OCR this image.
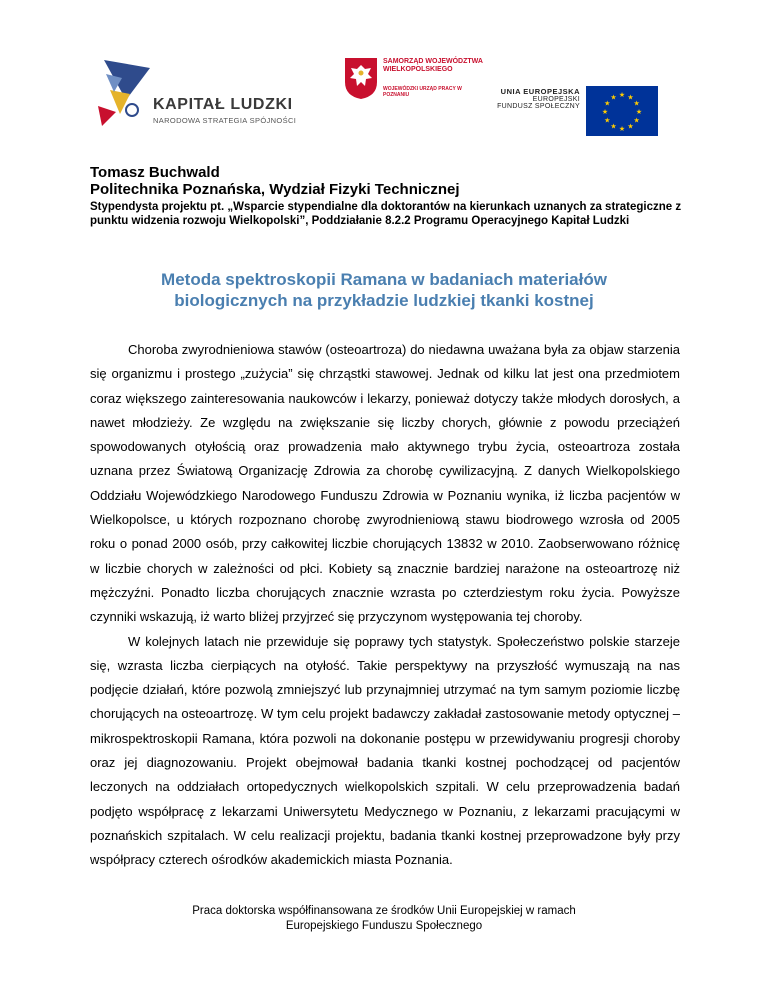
KAPITAŁ LUDZKI
NARODOWA STRATEGIA SPÓJNOŚCI
SAMORZĄD WOJEWÓDZTWA WIELKOPOLSKIEGO
WOJEWÓDZKI URZĄD PRACY W POZNANIU	UNIA EUROPEJSKA
EUROPEJSKI
FUNDUSZ SPOŁECZNY
★ ★
★
★
★
★
★
★
★
★
★
★
Tomasz Buchwald
Politechnika Poznańska, Wydział Fizyki Technicznej
Stypendysta projektu pt. „Wsparcie stypendialne dla doktorantów na kierunkach uznanych za strategiczne z punktu widzenia rozwoju Wielkopolski”, Poddziałanie 8.2.2 Programu Operacyjnego Kapitał Ludzki
Metoda spektroskopii Ramana w badaniach materiałów biologicznych na przykładzie ludzkiej tkanki kostnej

Choroba zwyrodnieniowa stawów (osteoartroza) do niedawna uważana była za objaw starzenia się organizmu i prostego „zużycia” się chrząstki stawowej. Jednak od kilku lat jest ona przedmiotem coraz większego zainteresowania naukowców i lekarzy, ponieważ dotyczy także młodych dorosłych, a nawet młodzieży. Ze względu na zwiększanie się liczby chorych, głównie z powodu przeciążeń spowodowanych otyłością oraz prowadzenia mało aktywnego trybu życia, osteoartroza została uznana przez Światową Organizację Zdrowia za chorobę cywilizacyjną. Z danych Wielkopolskiego Oddziału Wojewódzkiego Narodowego Funduszu Zdrowia w Poznaniu wynika, iż liczba pacjentów w Wielkopolsce, u których rozpoznano chorobę zwyrodnieniową stawu biodrowego wzrosła od 2005 roku o ponad 2000 osób, przy całkowitej liczbie chorujących 13832 w 2010. Zaobserwowano różnicę w liczbie chorych w zależności od płci. Kobiety są znacznie bardziej narażone na osteoartrozę niż mężczyźni. Ponadto liczba chorujących znacznie wzrasta po czterdziestym roku życia. Powyższe czynniki wskazują, iż warto bliżej przyjrzeć się przyczynom występowania tej choroby.

W kolejnych latach nie przewiduje się poprawy tych statystyk. Społeczeństwo polskie starzeje się, wzrasta liczba cierpiących na otyłość. Takie perspektywy na przyszłość wymuszają na nas podjęcie działań, które pozwolą zmniejszyć lub przynajmniej utrzymać na tym samym poziomie liczbę chorujących na osteoartrozę. W tym celu projekt badawczy zakładał zastosowanie metody optycznej – mikrospektroskopii Ramana, która pozwoli na dokonanie postępu w przewidywaniu progresji choroby oraz jej diagnozowaniu. Projekt obejmował badania tkanki kostnej pochodzącej od pacjentów leczonych na oddziałach ortopedycznych wielkopolskich szpitali. W celu przeprowadzenia badań podjęto współpracę z lekarzami Uniwersytetu Medycznego w Poznaniu, z lekarzami pracującymi w poznańskich szpitalach. W celu realizacji projektu, badania tkanki kostnej przeprowadzone były przy współpracy czterech ośrodków akademickich miasta Poznania.

Praca doktorska współfinansowana ze środków Unii Europejskiej w ramach
Europejskiego Funduszu Społecznego
